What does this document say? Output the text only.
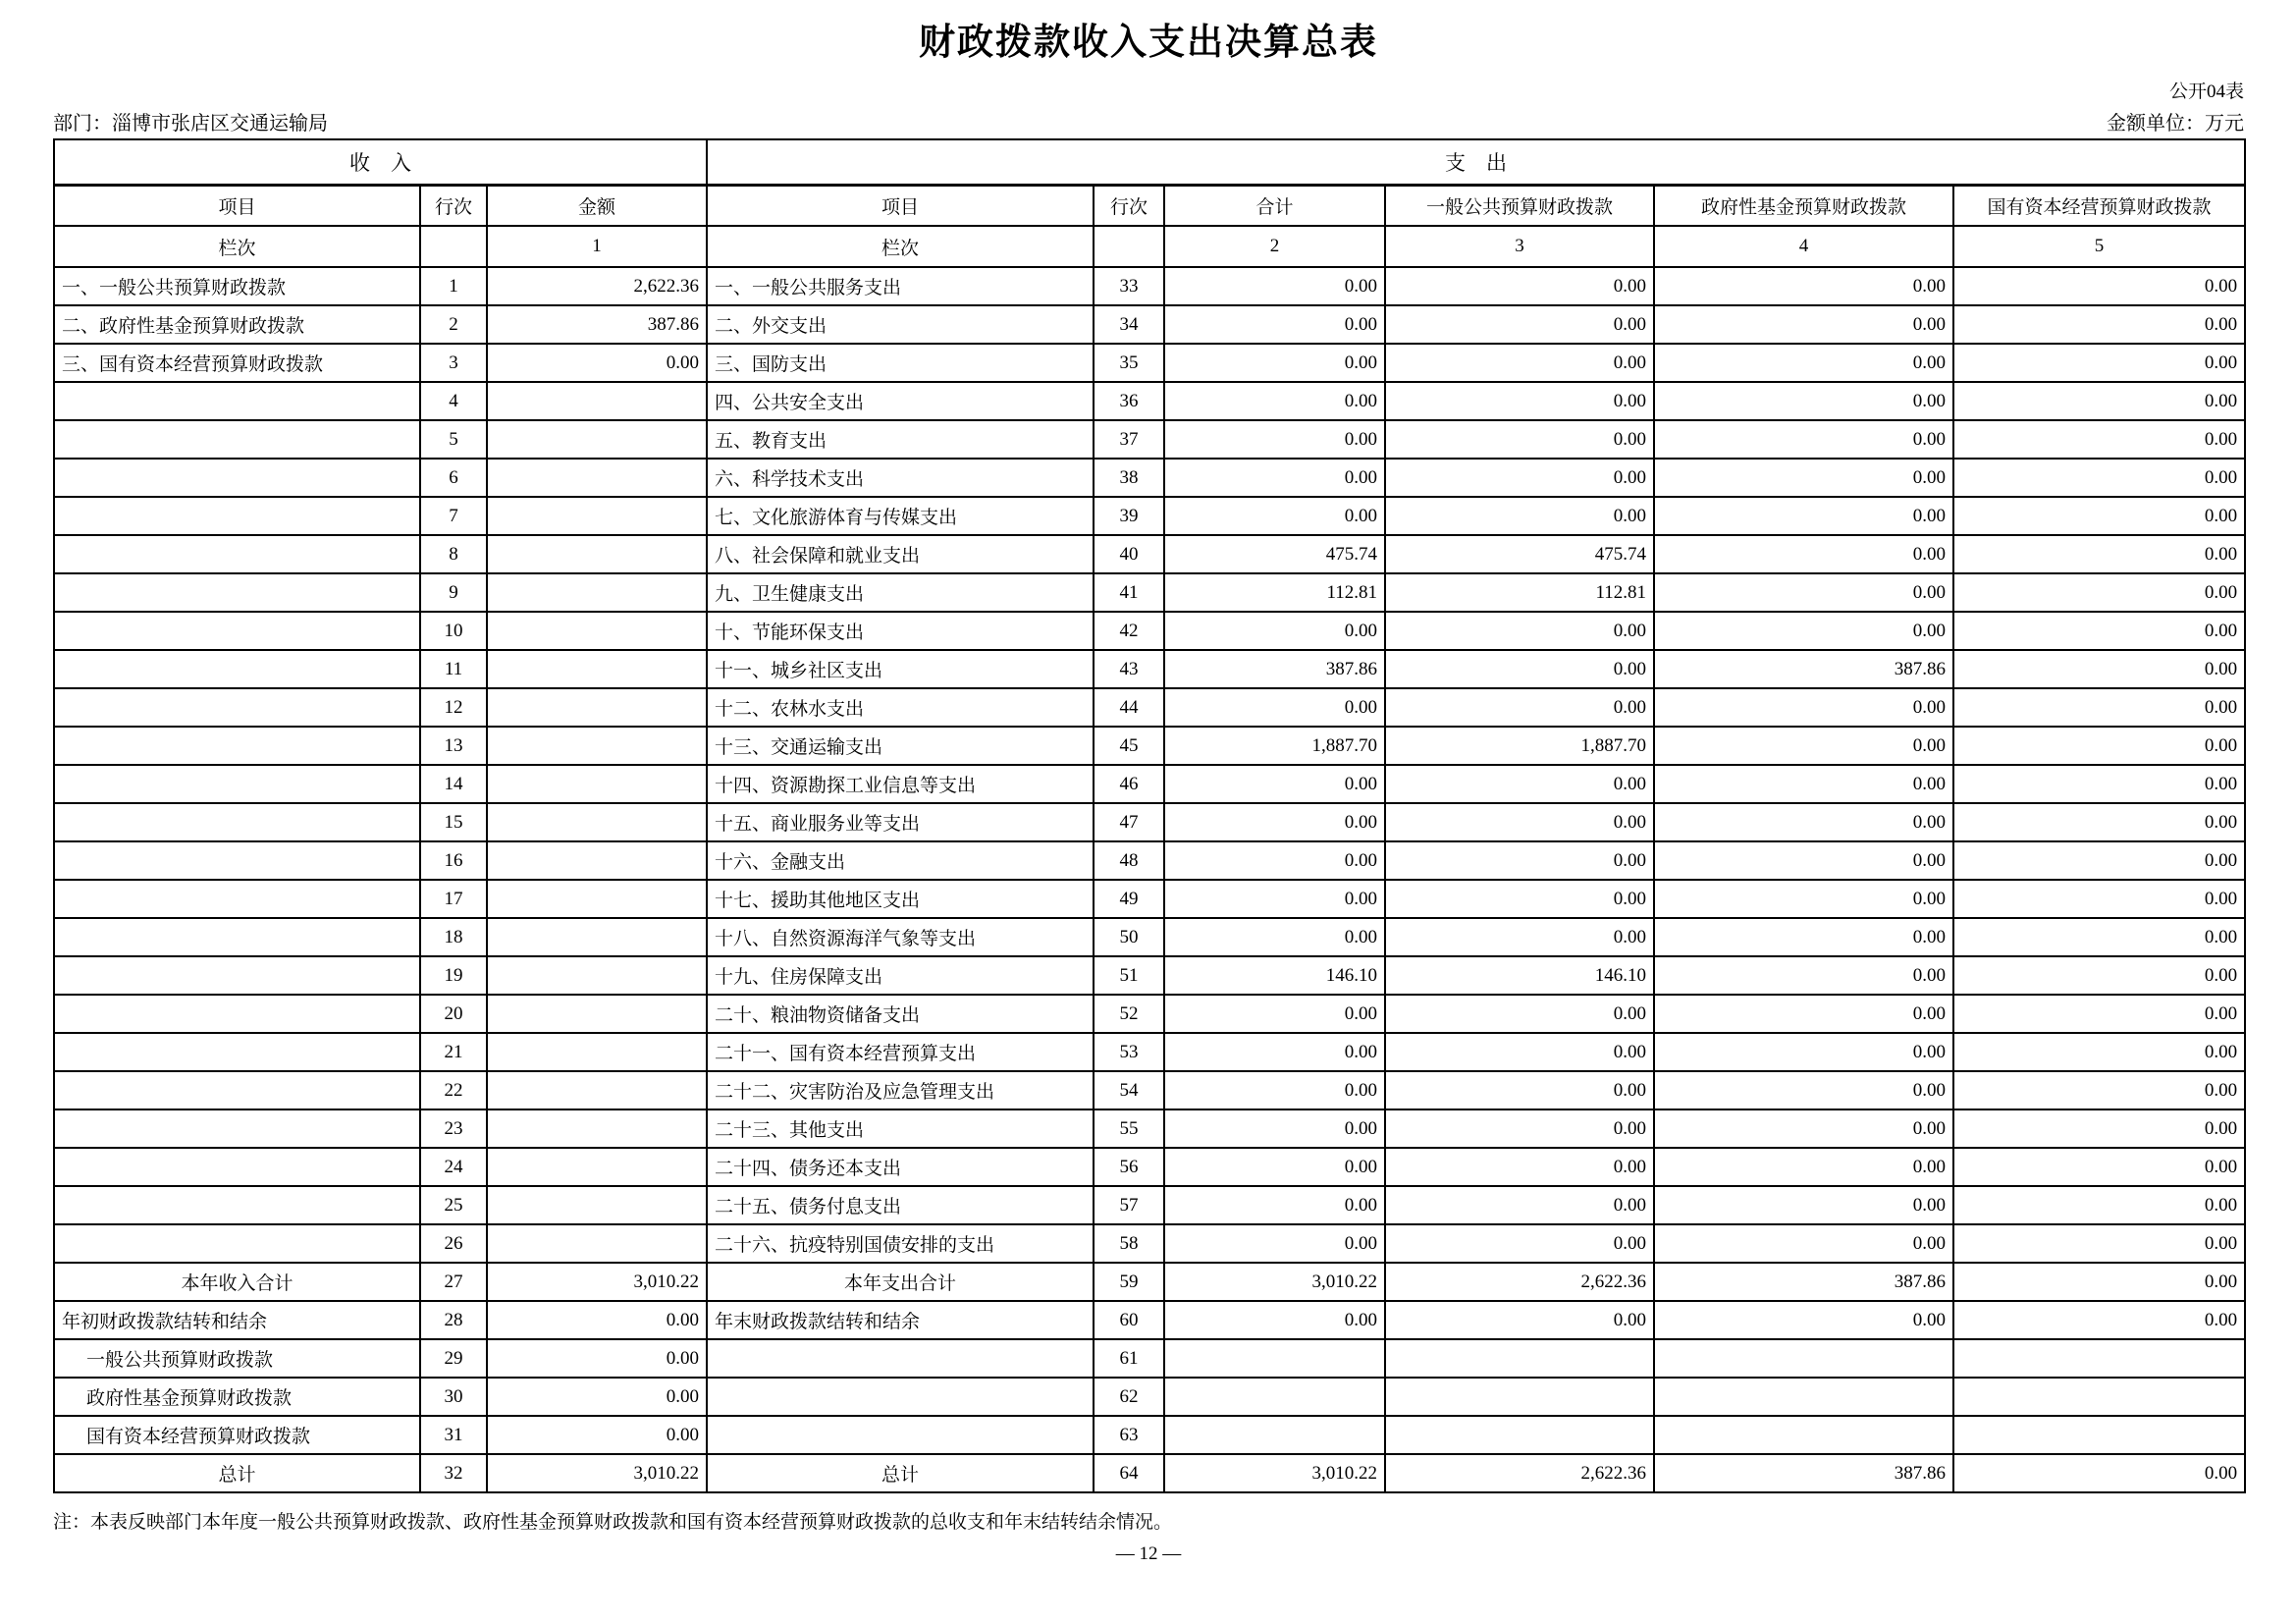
财政拨款收入支出决算总表
公开04表
部门：淄博市张店区交通运输局	金额单位：万元
收    入			支    出					
项目	行次	金额	项目	行次	合计	一般公共预算财政拨款	政府性基金预算财政拨款	国有资本经营预算财政拨款
栏次		1	栏次		2	3	4	5
一、一般公共预算财政拨款	1	2,622.36	一、一般公共服务支出	33	0.00	0.00	0.00	0.00
二、政府性基金预算财政拨款	2	387.86	二、外交支出	34	0.00	0.00	0.00	0.00
三、国有资本经营预算财政拨款	3	0.00	三、国防支出	35	0.00	0.00	0.00	0.00
	4		四、公共安全支出	36	0.00	0.00	0.00	0.00
	5		五、教育支出	37	0.00	0.00	0.00	0.00
	6		六、科学技术支出	38	0.00	0.00	0.00	0.00
	7		七、文化旅游体育与传媒支出	39	0.00	0.00	0.00	0.00
	8		八、社会保障和就业支出	40	475.74	475.74	0.00	0.00
	9		九、卫生健康支出	41	112.81	112.81	0.00	0.00
	10		十、节能环保支出	42	0.00	0.00	0.00	0.00
	11		十一、城乡社区支出	43	387.86	0.00	387.86	0.00
	12		十二、农林水支出	44	0.00	0.00	0.00	0.00
	13		十三、交通运输支出	45	1,887.70	1,887.70	0.00	0.00
	14		十四、资源勘探工业信息等支出	46	0.00	0.00	0.00	0.00
	15		十五、商业服务业等支出	47	0.00	0.00	0.00	0.00
	16		十六、金融支出	48	0.00	0.00	0.00	0.00
	17		十七、援助其他地区支出	49	0.00	0.00	0.00	0.00
	18		十八、自然资源海洋气象等支出	50	0.00	0.00	0.00	0.00
	19		十九、住房保障支出	51	146.10	146.10	0.00	0.00
	20		二十、粮油物资储备支出	52	0.00	0.00	0.00	0.00
	21		二十一、国有资本经营预算支出	53	0.00	0.00	0.00	0.00
	22		二十二、灾害防治及应急管理支出	54	0.00	0.00	0.00	0.00
	23		二十三、其他支出	55	0.00	0.00	0.00	0.00
	24		二十四、债务还本支出	56	0.00	0.00	0.00	0.00
	25		二十五、债务付息支出	57	0.00	0.00	0.00	0.00
	26		二十六、抗疫特别国债安排的支出	58	0.00	0.00	0.00	0.00
本年收入合计	27	3,010.22	本年支出合计	59	3,010.22	2,622.36	387.86	0.00
年初财政拨款结转和结余	28	0.00	年末财政拨款结转和结余	60	0.00	0.00	0.00	0.00
一般公共预算财政拨款	29	0.00		61				
政府性基金预算财政拨款	30	0.00		62				
国有资本经营预算财政拨款	31	0.00		63				
总计	32	3,010.22	总计	64	3,010.22	2,622.36	387.86	0.00
注：本表反映部门本年度一般公共预算财政拨款、政府性基金预算财政拨款和国有资本经营预算财政拨款的总收支和年末结转结余情况。
— 12 —
